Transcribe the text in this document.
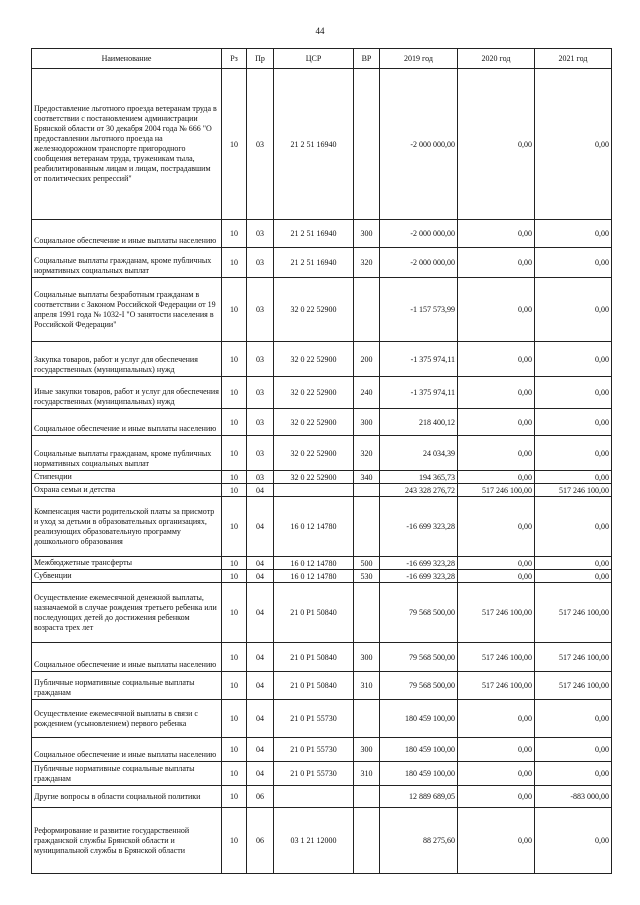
44
Наименование	Рз	Пр	ЦСР	ВР	2019 год	2020 год	2021 год
Предоставление льготного проезда ветеранам труда в соответствии с постановлением администрации Брянской области от 30 декабря 2004 года № 666 "О предоставлении льготного проезда на железнодорожном транспорте пригородного сообщения ветеранам труда, труженикам тыла, реабилитированным лицам и лицам, пострадавшим от политических репрессий"	10	03	21 2 51 16940		-2 000 000,00	0,00	0,00
Социальное обеспечение и иные выплаты населению	10	03	21 2 51 16940	300	-2 000 000,00	0,00	0,00
Социальные выплаты гражданам, кроме публичных нормативных социальных выплат	10	03	21 2 51 16940	320	-2 000 000,00	0,00	0,00
Социальные выплаты безработным гражданам в соответствии с Законом Российской Федерации от 19 апреля 1991 года № 1032-I "О занятости населения в Российской Федерации"	10	03	32 0 22 52900		-1 157 573,99	0,00	0,00
Закупка товаров, работ и услуг для обеспечения государственных (муниципальных) нужд	10	03	32 0 22 52900	200	-1 375 974,11	0,00	0,00
Иные закупки товаров, работ и услуг для обеспечения государственных (муниципальных) нужд	10	03	32 0 22 52900	240	-1 375 974,11	0,00	0,00
Социальное обеспечение и иные выплаты населению	10	03	32 0 22 52900	300	218 400,12	0,00	0,00
Социальные выплаты гражданам, кроме публичных нормативных социальных выплат	10	03	32 0 22 52900	320	24 034,39	0,00	0,00
Стипендии	10	03	32 0 22 52900	340	194 365,73	0,00	0,00
Охрана семьи и детства	10	04			243 328 276,72	517 246 100,00	517 246 100,00
Компенсация части родительской платы за присмотр и уход за детьми в образовательных организациях, реализующих образовательную программу дошкольного образования	10	04	16 0 12 14780		-16 699 323,28	0,00	0,00
Межбюджетные трансферты	10	04	16 0 12 14780	500	-16 699 323,28	0,00	0,00
Субвенции	10	04	16 0 12 14780	530	-16 699 323,28	0,00	0,00
Осуществление ежемесячной денежной выплаты, назначаемой в случае рождения третьего ребенка или последующих детей до достижения ребенком возраста трех лет	10	04	21 0 P1 50840		79 568 500,00	517 246 100,00	517 246 100,00
Социальное обеспечение и иные выплаты населению	10	04	21 0 P1 50840	300	79 568 500,00	517 246 100,00	517 246 100,00
Публичные нормативные социальные выплаты гражданам	10	04	21 0 P1 50840	310	79 568 500,00	517 246 100,00	517 246 100,00
Осуществление ежемесячной выплаты в связи с рождением (усыновлением) первого ребенка	10	04	21 0 P1 55730		180 459 100,00	0,00	0,00
Социальное обеспечение и иные выплаты населению	10	04	21 0 P1 55730	300	180 459 100,00	0,00	0,00
Публичные нормативные социальные выплаты гражданам	10	04	21 0 P1 55730	310	180 459 100,00	0,00	0,00
Другие вопросы в области социальной политики	10	06			12 889 689,05	0,00	-883 000,00
Реформирование и развитие государственной гражданской службы Брянской области и муниципальной службы в Брянской области	10	06	03 1 21 12000		88 275,60	0,00	0,00
